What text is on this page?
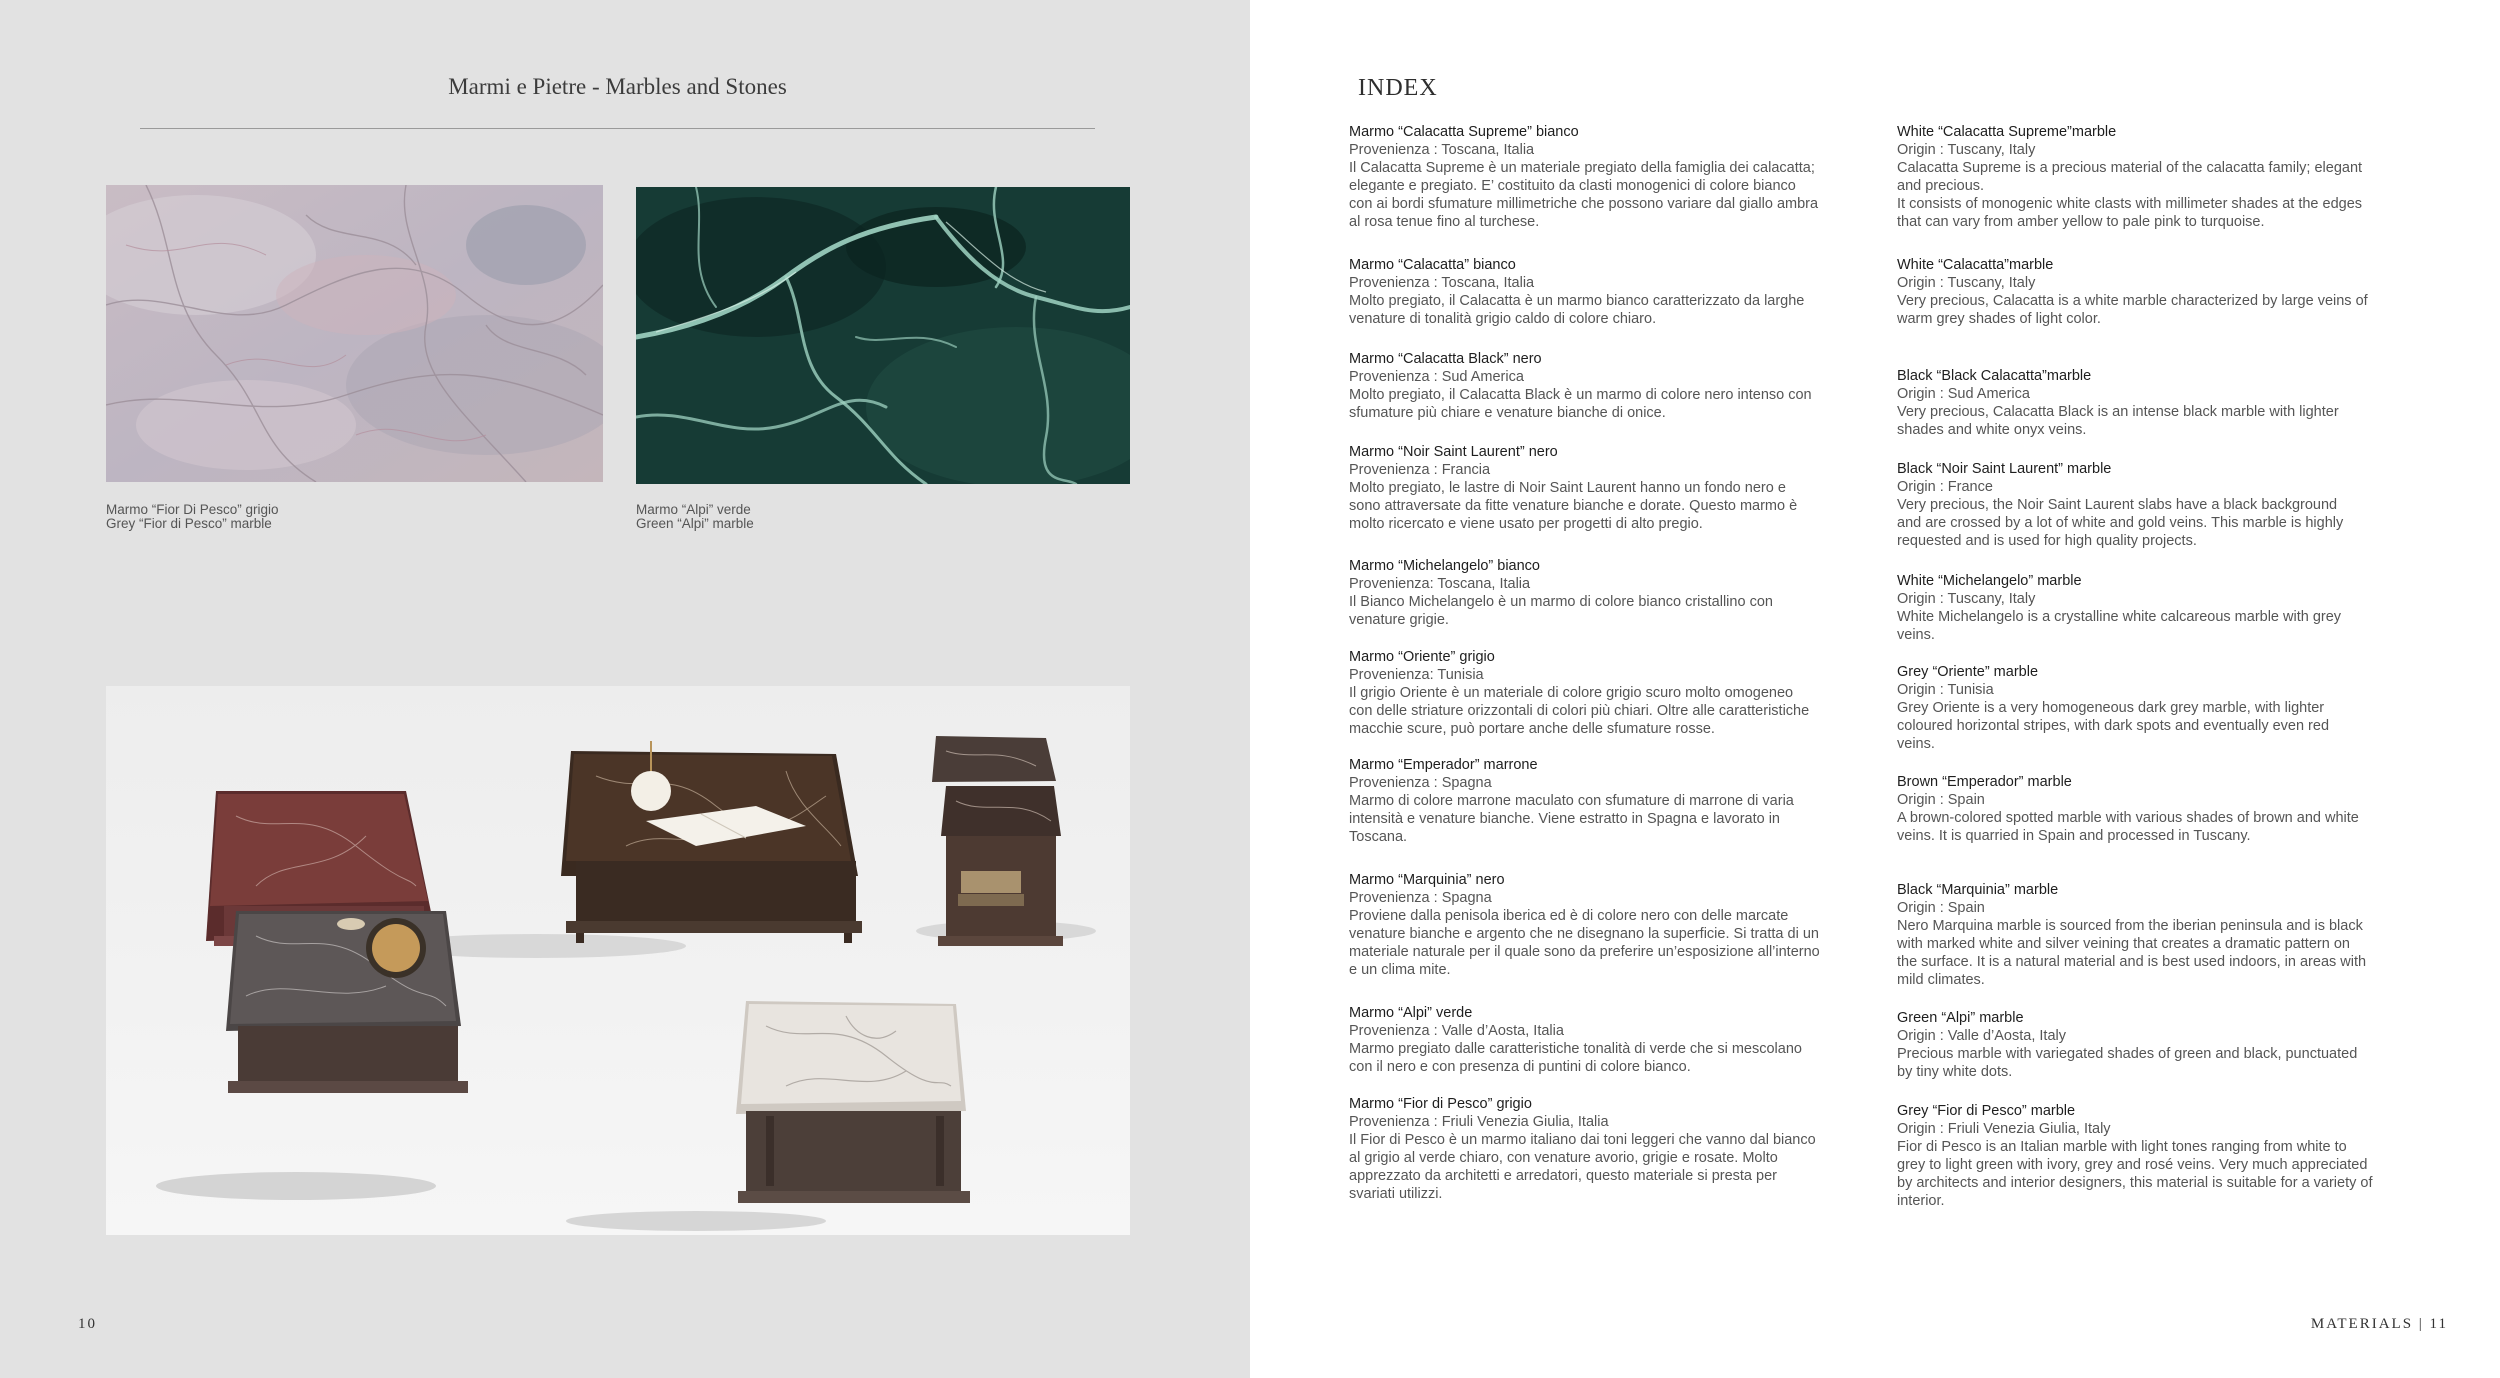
Marmi e Pietre - Marbles and Stones
Marmo “Fior Di Pesco” grigio
Grey “Fior di Pesco” marble
Marmo “Alpi” verde
Green “Alpi” marble
10
INDEX
Marmo “Calacatta Supreme” bianco
Provenienza : Toscana, Italia
Il Calacatta Supreme è un materiale pregiato della famiglia dei calacatta;
elegante e pregiato. E’ costituito da clasti monogenici di colore bianco
con ai bordi sfumature millimetriche che possono variare dal giallo ambra
al rosa tenue fino al turchese.
Marmo “Calacatta” bianco
Provenienza : Toscana, Italia
Molto pregiato, il Calacatta è un marmo bianco caratterizzato da larghe
venature di tonalità grigio caldo di colore chiaro.
Marmo “Calacatta Black” nero
Provenienza : Sud America
Molto pregiato, il Calacatta Black è un marmo di colore nero intenso con
sfumature più chiare e venature bianche di onice.
Marmo “Noir Saint Laurent” nero
Provenienza : Francia
Molto pregiato, le lastre di Noir Saint Laurent hanno un fondo nero e
sono attraversate da fitte venature bianche e dorate. Questo marmo è
molto ricercato e viene usato per progetti di alto pregio.
Marmo “Michelangelo” bianco
Provenienza: Toscana, Italia
Il Bianco Michelangelo è un marmo di colore bianco cristallino con
venature grigie.
Marmo “Oriente” grigio
Provenienza: Tunisia
Il grigio Oriente è un materiale di colore grigio scuro molto omogeneo
con delle striature orizzontali di colori più chiari. Oltre alle caratteristiche
macchie scure, può portare anche delle sfumature rosse.
Marmo “Emperador” marrone
Provenienza : Spagna
Marmo di colore marrone maculato con sfumature di marrone di varia
intensità e venature bianche. Viene estratto in Spagna e lavorato in
Toscana.
Marmo “Marquinia” nero
Provenienza : Spagna
Proviene dalla penisola iberica ed è di colore nero con delle marcate
venature bianche e argento che ne disegnano la superficie. Si tratta di un
materiale naturale per il quale sono da preferire un’esposizione all’interno
e un clima mite.
Marmo “Alpi” verde
Provenienza : Valle d’Aosta, Italia
Marmo pregiato dalle caratteristiche tonalità di verde che si mescolano
con il nero e con presenza di puntini di colore bianco.
Marmo “Fior di Pesco” grigio
Provenienza : Friuli Venezia Giulia, Italia
Il Fior di Pesco è un marmo italiano dai toni leggeri che vanno dal bianco
al grigio al verde chiaro, con venature avorio, grigie e rosate. Molto
apprezzato da architetti e arredatori, questo materiale si presta per
svariati utilizzi.
White “Calacatta Supreme”marble
Origin : Tuscany, Italy
Calacatta Supreme is a precious material of the calacatta family; elegant
and precious.
It consists of monogenic white clasts with millimeter shades at the edges
that can vary from amber yellow to pale pink to turquoise.
White “Calacatta”marble
Origin : Tuscany, Italy
Very precious, Calacatta is a white marble characterized by large veins of
warm grey shades of light color.
Black “Black Calacatta”marble
Origin : Sud America
Very precious, Calacatta Black is an intense black marble with lighter
shades and white onyx veins.
Black “Noir Saint Laurent” marble
Origin : France
Very precious, the Noir Saint Laurent slabs have a black background
and are crossed by a lot of white and gold veins. This marble is highly
requested and is used for high quality projects.
White “Michelangelo” marble
Origin : Tuscany, Italy
White Michelangelo is a crystalline white calcareous marble with grey
veins.
Grey “Oriente” marble
Origin : Tunisia
Grey Oriente is a very homogeneous dark grey marble, with lighter
coloured horizontal stripes, with dark spots and eventually even red
veins.
Brown “Emperador” marble
Origin : Spain
A brown-colored spotted marble with various shades of brown and white
veins. It is quarried in Spain and processed in Tuscany.
Black “Marquinia” marble
Origin : Spain
Nero Marquina marble is sourced from the iberian peninsula and is black
with marked white and silver veining that creates a dramatic pattern on
the surface. It is a natural material and is best used indoors, in areas with
mild climates.
Green “Alpi” marble
Origin : Valle d’Aosta, Italy
Precious marble with variegated shades of green and black, punctuated
by tiny white dots.
Grey “Fior di Pesco” marble
Origin : Friuli Venezia Giulia, Italy
Fior di Pesco is an Italian marble with light tones ranging from white to
grey to light green with ivory, grey and rosé veins. Very much appreciated
by architects and interior designers, this material is suitable for a variety of
interior.
MATERIALS | 11
